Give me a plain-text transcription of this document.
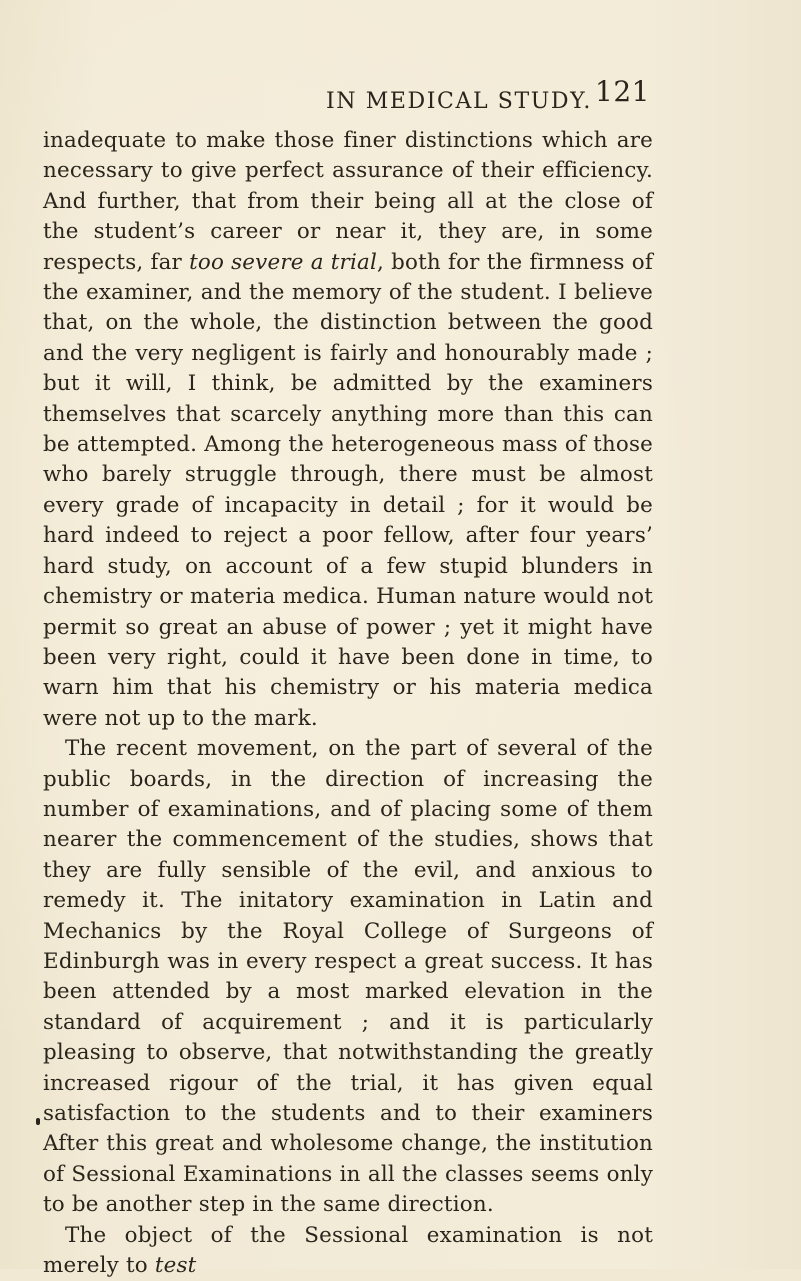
IN MEDICAL STUDY. 121

inadequate to make those finer distinctions which are necessary to give perfect assurance of their efficiency. And further, that from their being all at the close of the student’s career or near it, they are, in some respects, far too severe a trial, both for the firmness of the examiner, and the memory of the student. I believe that, on the whole, the distinction between the good and the very negligent is fairly and honourably made ; but it will, I think, be admitted by the examiners themselves that scarcely anything more than this can be attempted. Among the heterogeneous mass of those who barely struggle through, there must be almost every grade of incapacity in detail ; for it would be hard indeed to reject a poor fellow, after four years’ hard study, on account of a few stupid blunders in chemistry or materia medica. Human nature would not permit so great an abuse of power ; yet it might have been very right, could it have been done in time, to warn him that his chemistry or his materia medica were not up to the mark.

The recent movement, on the part of several of the public boards, in the direction of increasing the number of examinations, and of placing some of them nearer the commencement of the studies, shows that they are fully sensible of the evil, and anxious to remedy it. The initatory examination in Latin and Mechanics by the Royal College of Surgeons of Edinburgh was in every respect a great success. It has been attended by a most marked elevation in the standard of acquirement ; and it is particularly pleasing to observe, that notwithstanding the greatly increased rigour of the trial, it has given equal satisfaction to the students and to their examiners After this great and wholesome change, the institution of Sessional Examinations in all the classes seems only to be another step in the same direction.

The object of the Sessional examination is not merely to test
